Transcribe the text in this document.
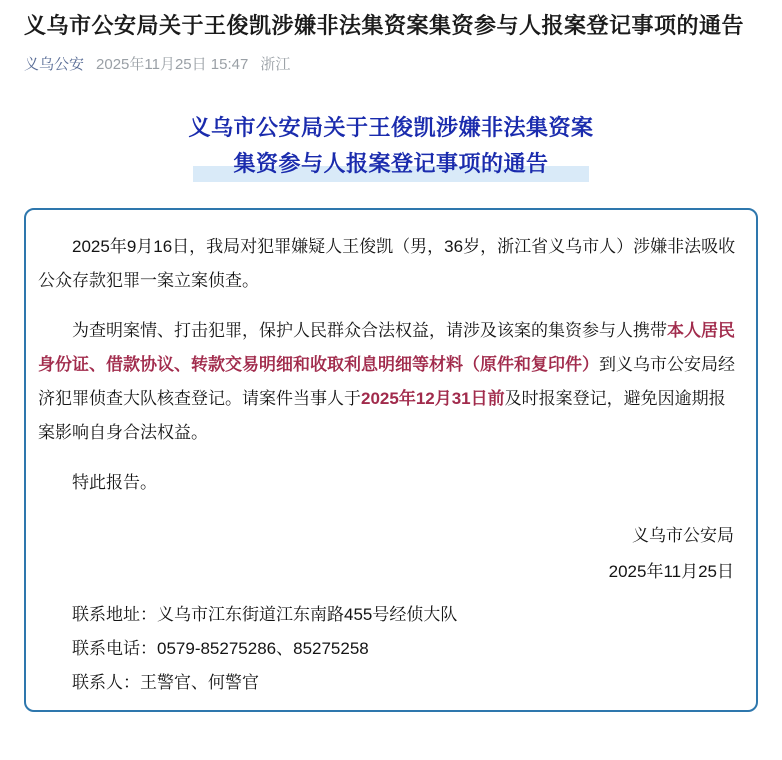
义乌市公安局关于王俊凯涉嫌非法集资案集资参与人报案登记事项的通告
义乌公安 2025年11月25日 15:47 浙江
义乌市公安局关于王俊凯涉嫌非法集资案
集资参与人报案登记事项的通告

2025年9月16日，我局对犯罪嫌疑人王俊凯（男，36岁，浙江省义乌市人）涉嫌非法吸收公众存款犯罪一案立案侦查。

为查明案情、打击犯罪，保护人民群众合法权益，请涉及该案的集资参与人携带本人居民身份证、借款协议、转款交易明细和收取利息明细等材料（原件和复印件）到义乌市公安局经济犯罪侦查大队核查登记。请案件当事人于2025年12月31日前及时报案登记，避免因逾期报案影响自身合法权益。

特此报告。

义乌市公安局
2025年11月25日

联系地址：义乌市江东街道江东南路455号经侦大队

联系电话：0579-85275286、85275258

联系人：王警官、何警官
